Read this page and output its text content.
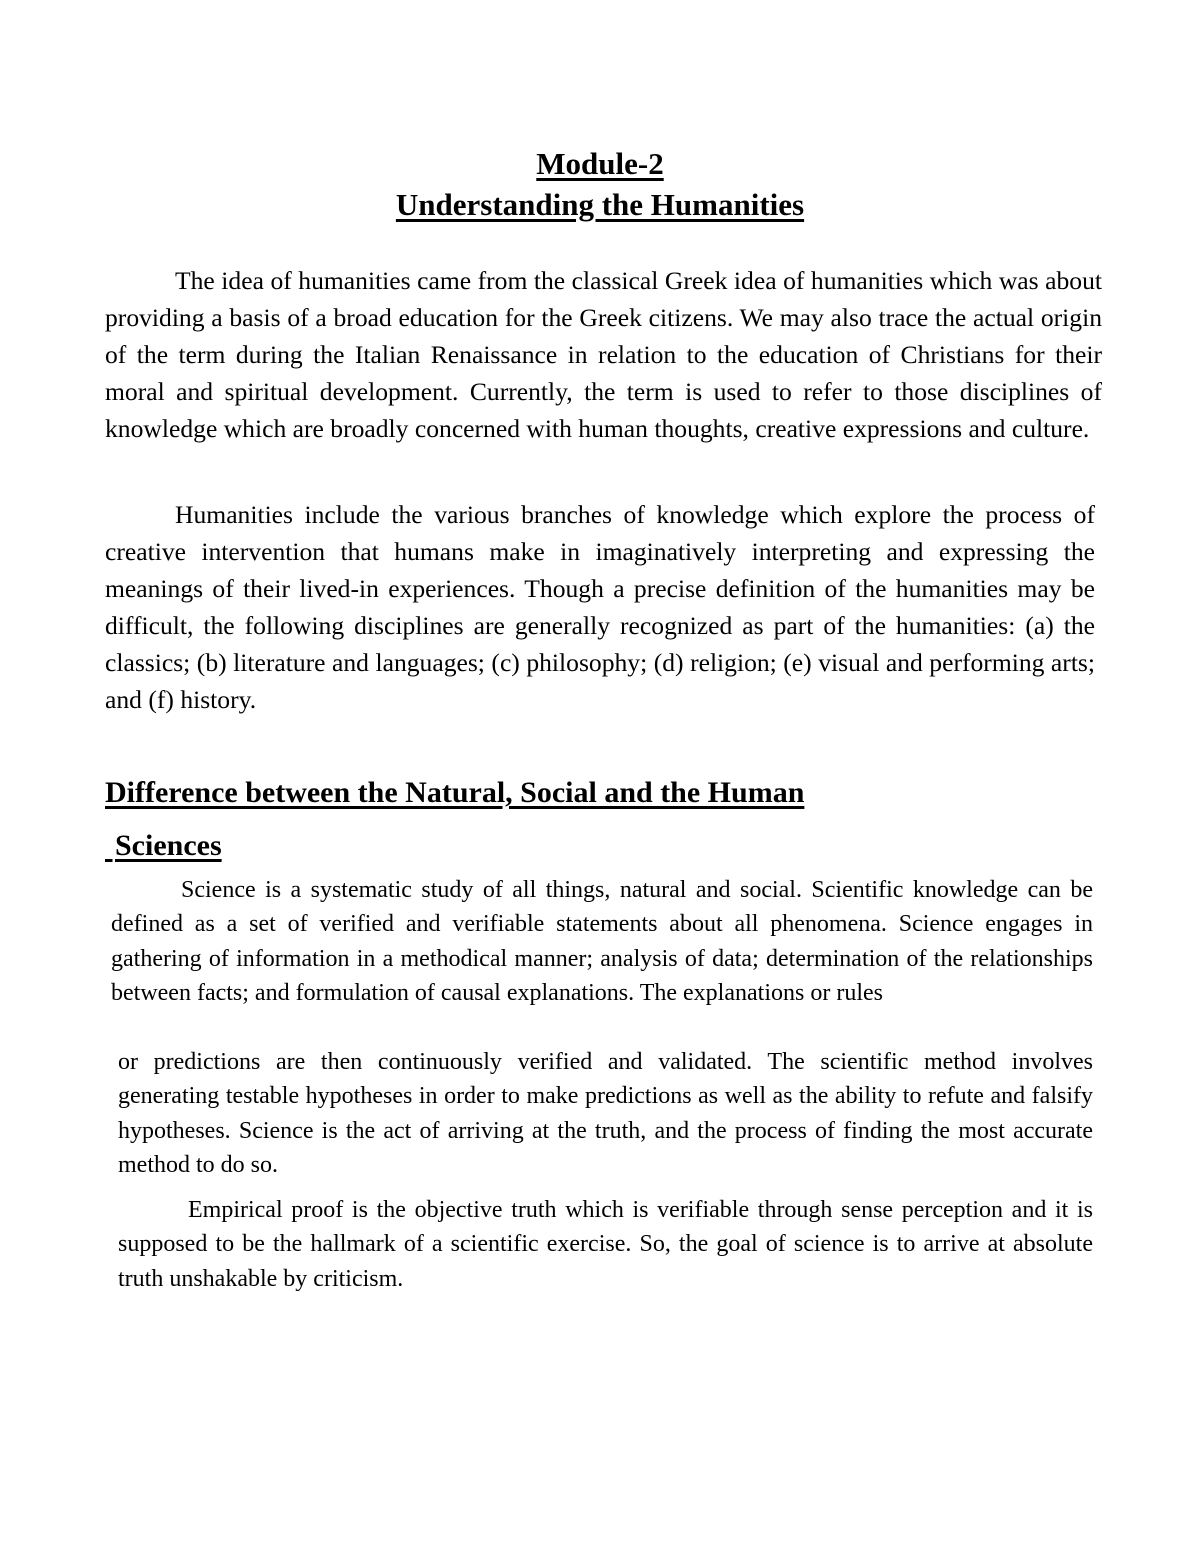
Module-2
Understanding the Humanities

The idea of humanities came from the classical Greek idea of humanities which was about providing a basis of a broad education for the Greek citizens. We may also trace the actual origin of the term during the Italian Renaissance in relation to the education of Christians for their moral and spiritual development. Currently, the term is used to refer to those disciplines of knowledge which are broadly concerned with human thoughts, creative expressions and culture.

Humanities include the various branches of knowledge which explore the process of creative intervention that humans make in imaginatively interpreting and expressing the meanings of their lived-in experiences. Though a precise definition of the humanities may be difficult, the following disciplines are generally recognized as part of the humanities: (a) the classics; (b) literature and languages; (c) philosophy; (d) religion; (e) visual and performing arts; and (f) history.

Difference between the Natural, Social and the Human
Sciences

Science is a systematic study of all things, natural and social. Scientific knowledge can be defined as a set of verified and verifiable statements about all phenomena. Science engages in gathering of information in a methodical manner; analysis of data; determination of the relationships between facts; and formulation of causal explanations. The explanations or rules

or predictions are then continuously verified and validated. The scientific method involves generating testable hypotheses in order to make predictions as well as the ability to refute and falsify hypotheses. Science is the act of arriving at the truth, and the process of finding the most accurate method to do so.

Empirical proof is the objective truth which is verifiable through sense perception and it is supposed to be the hallmark of a scientific exercise. So, the goal of science is to arrive at absolute truth unshakable by criticism.
